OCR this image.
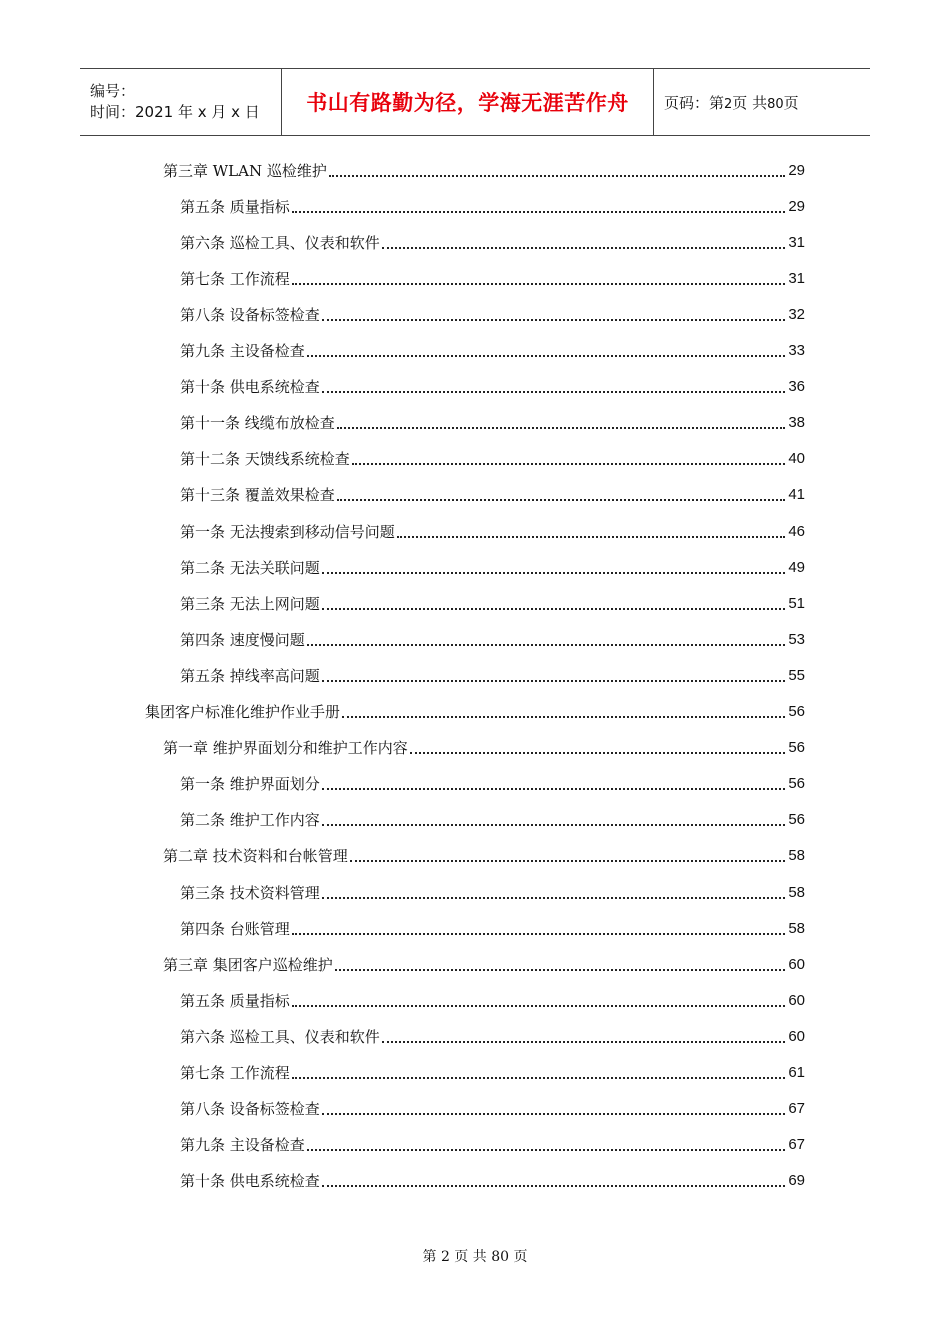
编号：
时间：2021 年 x 月 x 日	书山有路勤为径，学海无涯苦作舟 页码：第2页 共80页
第三章 WLAN 巡检维护	29
第五条 质量指标	29
第六条 巡检工具、仪表和软件	31
第七条 工作流程	31
第八条 设备标签检查	32
第九条 主设备检查	33
第十条 供电系统检查	36
第十一条 线缆布放检查	38
第十二条 天馈线系统检查	40
第十三条 覆盖效果检查	41
第一条 无法搜索到移动信号问题	46
第二条 无法关联问题	49
第三条 无法上网问题	51
第四条 速度慢问题	53
第五条 掉线率高问题	55
集团客户标准化维护作业手册	56
第一章 维护界面划分和维护工作内容	56
第一条 维护界面划分	56
第二条 维护工作内容	56
第二章 技术资料和台帐管理	58
第三条 技术资料管理	58
第四条 台账管理	58
第三章 集团客户巡检维护	60
第五条 质量指标	60
第六条 巡检工具、仪表和软件	60
第七条 工作流程	61
第八条 设备标签检查	67
第九条 主设备检查	67
第十条 供电系统检查	69
第 2 页 共 80 页
